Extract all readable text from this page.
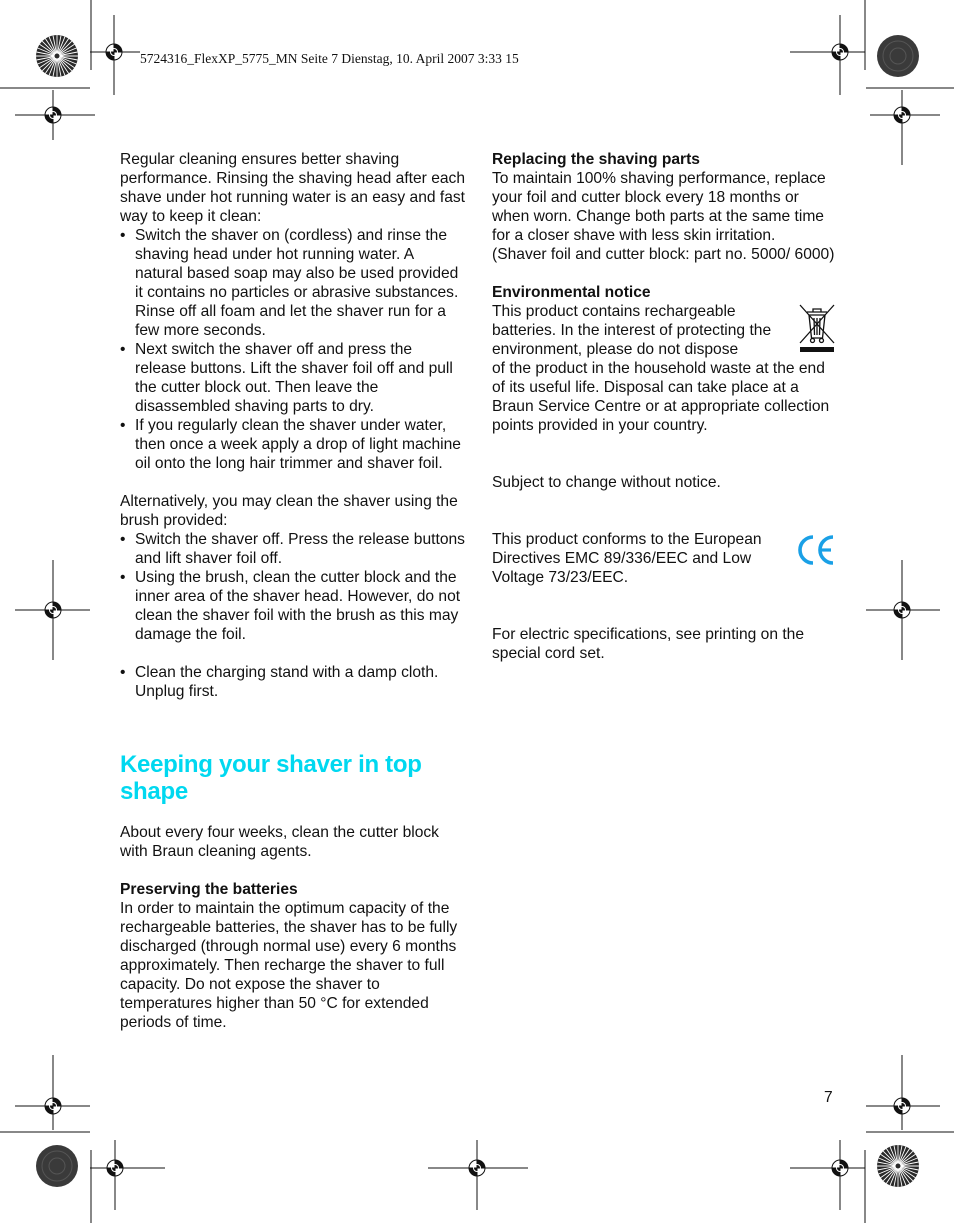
5724316_FlexXP_5775_MN Seite 7 Dienstag, 10. April 2007 3:33 15

Regular cleaning ensures better shaving performance. Rinsing the shaving head after each shave under hot running water is an easy and fast way to keep it clean:

• Switch the shaver on (cordless) and rinse the shaving head under hot running water. A natural based soap may also be used provided it contains no particles or abrasive substances. Rinse off all foam and let the shaver run for a few more seconds.
• Next switch the shaver off and press the release buttons. Lift the shaver foil off and pull the cutter block out. Then leave the disassembled shaving parts to dry.
• If you regularly clean the shaver under water, then once a week apply a drop of light machine oil onto the long hair trimmer and shaver foil.

Alternatively, you may clean the shaver using the brush provided:

• Switch the shaver off. Press the release buttons and lift shaver foil off.
• Using the brush, clean the cutter block and the inner area of the shaver head. However, do not clean the shaver foil with the brush as this may damage the foil.
• Clean the charging stand with a damp cloth. Unplug first.
Keeping your shaver in top shape

About every four weeks, clean the cutter block with Braun cleaning agents.

Preserving the batteries

In order to maintain the optimum capacity of the rechargeable batteries, the shaver has to be fully discharged (through normal use) every 6 months approximately. Then recharge the shaver to full capacity. Do not expose the shaver to temperatures higher than 50 °C for extended periods of time.

Replacing the shaving parts

To maintain 100% shaving performance, replace your foil and cutter block every 18 months or when worn. Change both parts at the same time for a closer shave with less skin irritation.

(Shaver foil and cutter block: part no. 5000/ 6000)

Environmental notice

This product contains rechargeable batteries. In the interest of protecting the environment, please do not dispose

of the product in the household waste at the end of its useful life. Disposal can take place at a Braun Service Centre or at appropriate collection points provided in your country.

Subject to change without notice.

This product conforms to the European Directives EMC 89/336/EEC and Low Voltage 73/23/EEC.

For electric specifications, see printing on the special cord set.

7
